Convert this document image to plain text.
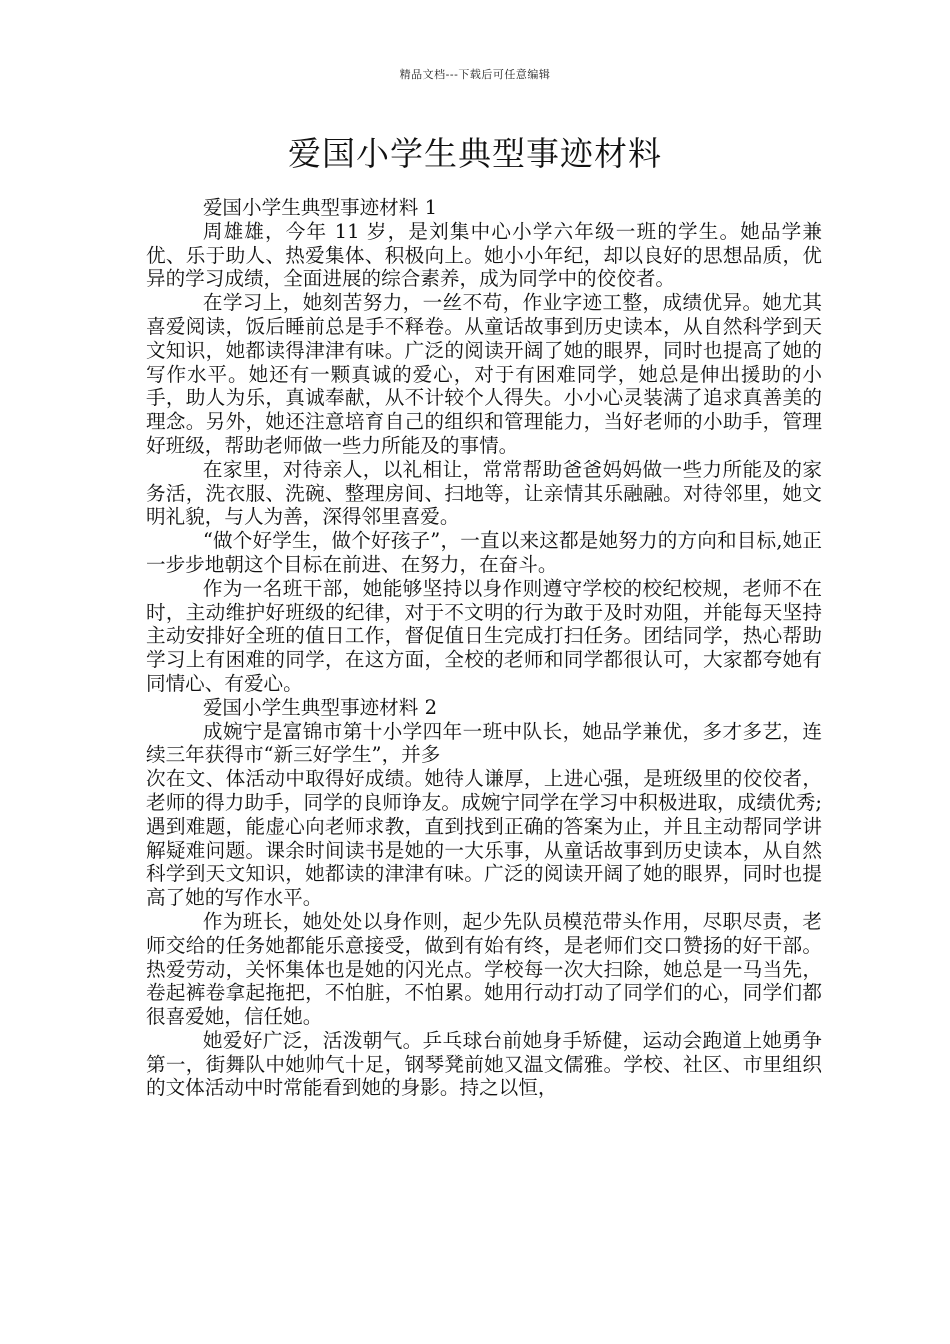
精品文档---下载后可任意编辑
爱国小学生典型事迹材料

爱国小学生典型事迹材料 1

周雄雄，今年 11 岁，是刘集中心小学六年级一班的学生。她品学兼优、乐于助人、热爱集体、积极向上。她小小年纪，却以良好的思想品质，优异的学习成绩，全面进展的综合素养，成为同学中的佼佼者。

在学习上，她刻苦努力，一丝不苟，作业字迹工整，成绩优异。她尤其喜爱阅读，饭后睡前总是手不释卷。从童话故事到历史读本，从自然科学到天文知识，她都读得津津有味。广泛的阅读开阔了她的眼界，同时也提高了她的写作水平。她还有一颗真诚的爱心，对于有困难同学，她总是伸出援助的小手，助人为乐，真诚奉献，从不计较个人得失。小小心灵装满了追求真善美的理念。另外，她还注意培育自己的组织和管理能力，当好老师的小助手，管理好班级，帮助老师做一些力所能及的事情。

在家里，对待亲人，以礼相让，常常帮助爸爸妈妈做一些力所能及的家务活，洗衣服、洗碗、整理房间、扫地等，让亲情其乐融融。对待邻里，她文明礼貌，与人为善，深得邻里喜爱。

“做个好学生，做个好孩子”，一直以来这都是她努力的方向和目标,她正一步步地朝这个目标在前进、在努力，在奋斗。

作为一名班干部，她能够坚持以身作则遵守学校的校纪校规，老师不在时，主动维护好班级的纪律，对于不文明的行为敢于及时劝阻，并能每天坚持主动安排好全班的值日工作，督促值日生完成打扫任务。团结同学，热心帮助学习上有困难的同学，在这方面，全校的老师和同学都很认可，大家都夸她有同情心、有爱心。

爱国小学生典型事迹材料 2

成婉宁是富锦市第十小学四年一班中队长，她品学兼优，多才多艺，连续三年获得市“新三好学生”，并多

次在文、体活动中取得好成绩。她待人谦厚，上进心强，是班级里的佼佼者，老师的得力助手，同学的良师诤友。成婉宁同学在学习中积极进取，成绩优秀;遇到难题，能虚心向老师求教，直到找到正确的答案为止，并且主动帮同学讲解疑难问题。课余时间读书是她的一大乐事，从童话故事到历史读本，从自然科学到天文知识，她都读的津津有味。广泛的阅读开阔了她的眼界，同时也提高了她的写作水平。

作为班长，她处处以身作则，起少先队员模范带头作用，尽职尽责，老师交给的任务她都能乐意接受，做到有始有终，是老师们交口赞扬的好干部。热爱劳动，关怀集体也是她的闪光点。学校每一次大扫除，她总是一马当先，卷起裤卷拿起拖把，不怕脏，不怕累。她用行动打动了同学们的心，同学们都很喜爱她，信任她。

她爱好广泛，活泼朝气。乒乓球台前她身手矫健，运动会跑道上她勇争第一，街舞队中她帅气十足，钢琴凳前她又温文儒雅。学校、社区、市里组织的文体活动中时常能看到她的身影。持之以恒，
